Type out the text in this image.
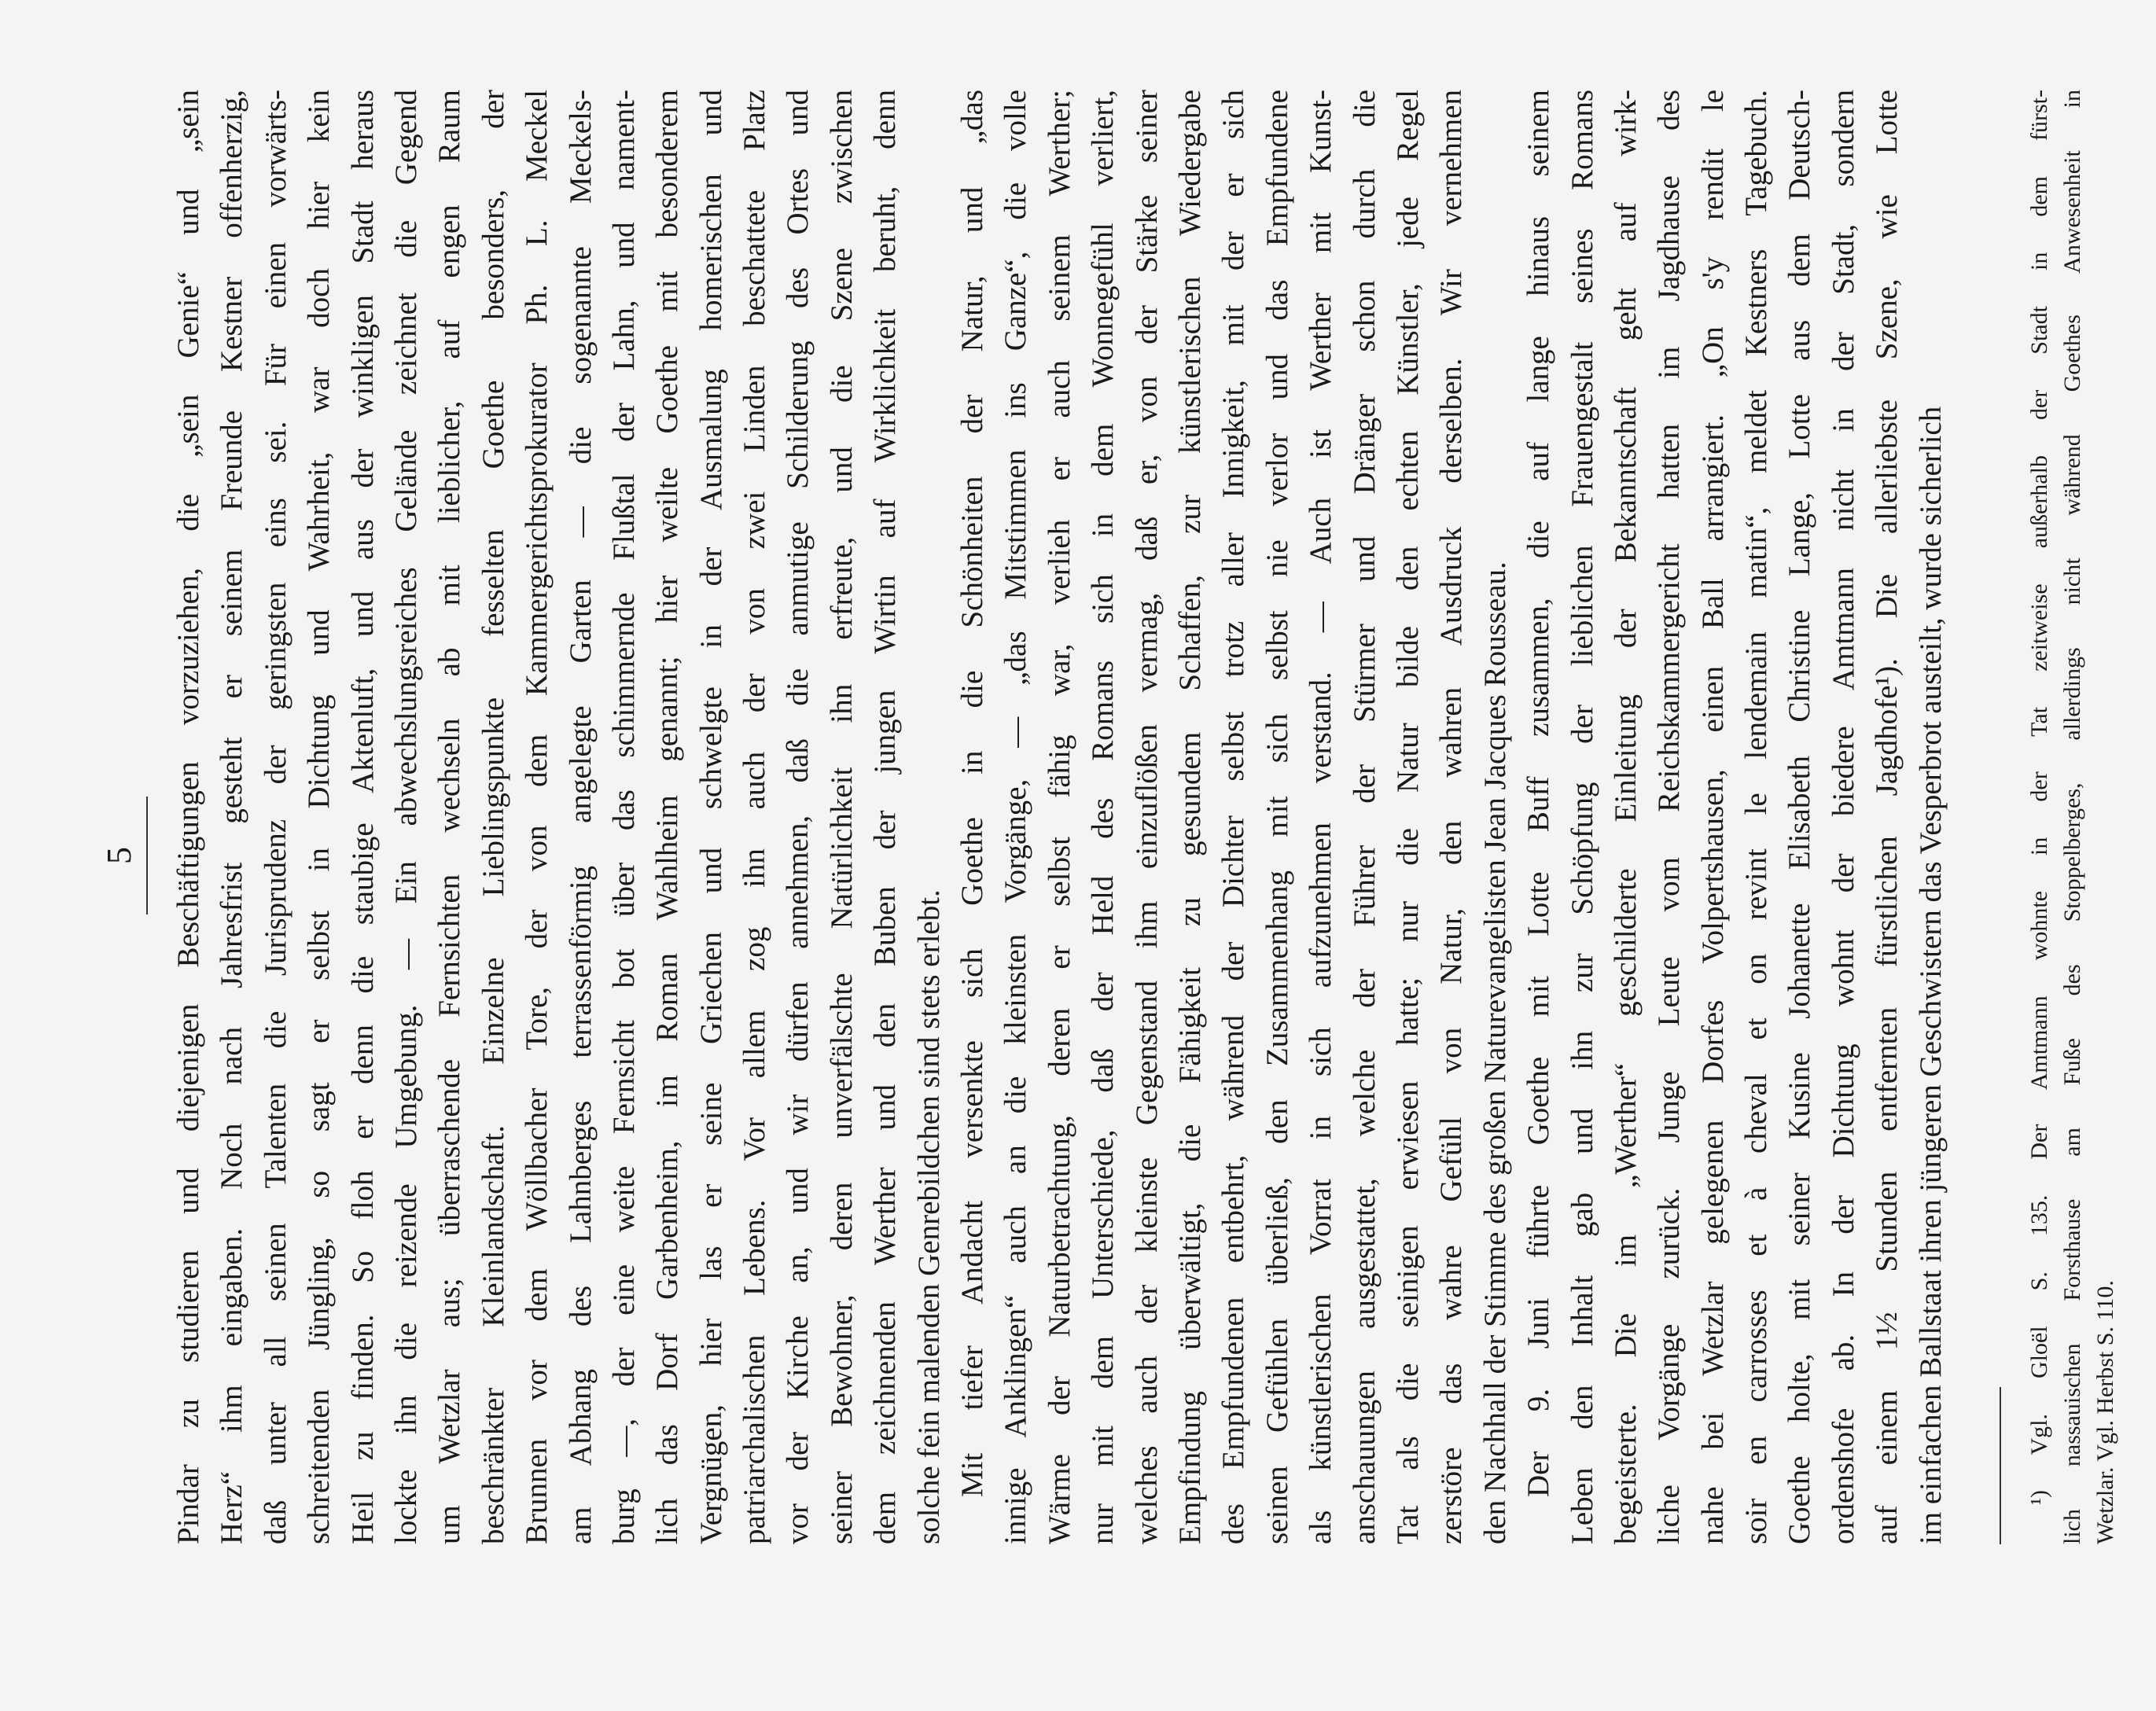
5	Pindar zu studieren und diejenigen Beschäftigungen vorzuziehen, die „sein Genie“ und „sein Herz“ ihm eingaben. Noch nach Jahresfrist gesteht er seinem Freunde Kestner offenherzig, daß unter all seinen Talenten die Jurisprudenz der geringsten eins sei. Für einen vorwärts- schreitenden Jüngling, so sagt er selbst in Dichtung und Wahrheit, war doch hier kein Heil zu finden. So floh er denn die staubige Aktenluft, und aus der winkligen Stadt heraus lockte ihn die reizende Umgebung. — Ein abwechslungsreiches Gelände zeichnet die Gegend um Wetzlar aus; überraschende Fernsichten wechseln ab mit lieblicher, auf engen Raum beschränkter Kleinlandschaft. Einzelne Lieblingspunkte fesselten Goethe besonders, der Brunnen vor dem Wöllbacher Tore, der von dem Kammergerichtsprokurator Ph. L. Meckel am Abhang des Lahnberges terrassenförmig angelegte Garten — die sogenannte Meckels- burg —, der eine weite Fernsicht bot über das schimmernde Flußtal der Lahn, und nament- lich das Dorf Garbenheim, im Roman Wahlheim genannt; hier weilte Goethe mit besonderem Vergnügen, hier las er seine Griechen und schwelgte in der Ausmalung homerischen und patriarchalischen Lebens. Vor allem zog ihn auch der von zwei Linden beschattete Platz vor der Kirche an, und wir dürfen annehmen, daß die anmutige Schilderung des Ortes und seiner Bewohner, deren unverfälschte Natürlichkeit ihn erfreute, und die Szene zwischen dem zeichnenden Werther und den Buben der jungen Wirtin auf Wirklichkeit beruht, denn solche fein malenden Genrebildchen sind stets erlebt. Mit tiefer Andacht versenkte sich Goethe in die Schönheiten der Natur, und „das innige Anklingen“ auch an die kleinsten Vorgänge, — „das Mitstimmen ins Ganze“, die volle Wärme der Naturbetrachtung, deren er selbst fähig war, verlieh er auch seinem Werther; nur mit dem Unterschiede, daß der Held des Romans sich in dem Wonnegefühl verliert, welches auch der kleinste Gegenstand ihm einzuflößen vermag, daß er, von der Stärke seiner Empfindung überwältigt, die Fähigkeit zu gesundem Schaffen, zur künstlerischen Wiedergabe des Empfundenen entbehrt, während der Dichter selbst trotz aller Innigkeit, mit der er sich seinen Gefühlen überließ, den Zusammenhang mit sich selbst nie verlor und das Empfundene als künstlerischen Vorrat in sich aufzunehmen verstand. — Auch ist Werther mit Kunst- anschauungen ausgestattet, welche der Führer der Stürmer und Dränger schon durch die Tat als die seinigen erwiesen hatte; nur die Natur bilde den echten Künstler, jede Regel zerstöre das wahre Gefühl von Natur, den wahren Ausdruck derselben. Wir vernehmen den Nachhall der Stimme des großen Naturevangelisten Jean Jacques Rousseau. Der 9. Juni führte Goethe mit Lotte Buff zusammen, die auf lange hinaus seinem Leben den Inhalt gab und ihn zur Schöpfung der lieblichen Frauengestalt seines Romans begeisterte. Die im „Werther“ geschilderte Einleitung der Bekanntschaft geht auf wirk- liche Vorgänge zurück. Junge Leute vom Reichskammergericht hatten im Jagdhause des nahe bei Wetzlar gelegenen Dorfes Volpertshausen, einen Ball arrangiert. „On s'y rendit le soir en carrosses et à cheval et on revint le lendemain matin“, meldet Kestners Tagebuch. Goethe holte, mit seiner Kusine Johanette Elisabeth Christine Lange, Lotte aus dem Deutsch- ordenshofe ab. In der Dichtung wohnt der biedere Amtmann nicht in der Stadt, sondern auf einem 1½ Stunden entfernten fürstlichen Jagdhofe¹). Die allerliebste Szene, wie Lotte im einfachen Ballstaat ihren jüngeren Geschwistern das Vesperbrot austeilt, wurde sicherlich	¹) Vgl. Gloël S. 135. Der Amtmann wohnte in der Tat zeitweise außerhalb der Stadt in dem fürst- lich nassauischen Forsthause am Fuße des Stoppelberges, allerdings nicht während Goethes Anwesenheit in Wetzlar. Vgl. Herbst S. 110.
